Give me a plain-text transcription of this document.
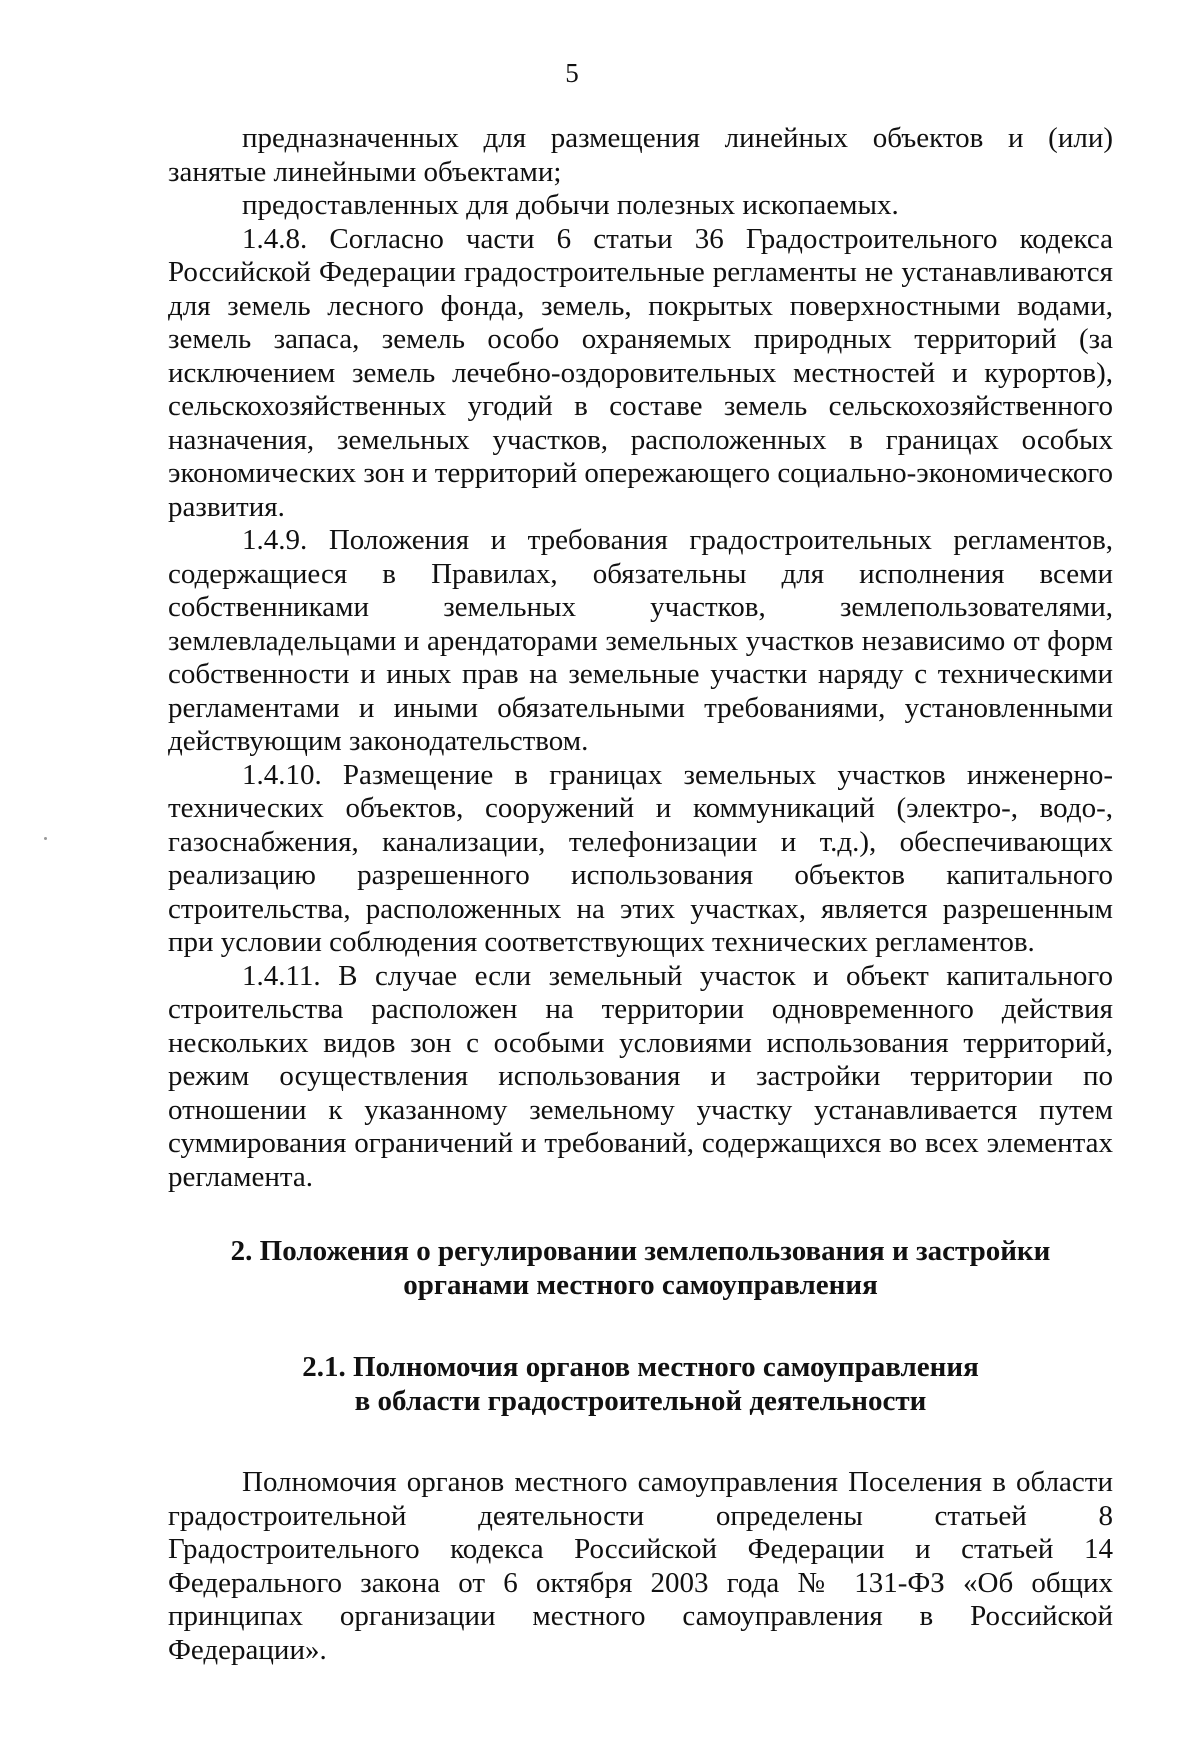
5

предназначенных для размещения линейных объектов и (или) занятые линейными объектами;

предоставленных для добычи полезных ископаемых.

1.4.8. Согласно части 6 статьи 36 Градостроительного кодекса Российской Федерации градостроительные регламенты не устанавливаются для земель лесного фонда, земель, покрытых поверхностными водами, земель запаса, земель особо охраняемых природных территорий (за исключением земель лечебно-оздоровительных местностей и курортов), сельскохозяйственных угодий в составе земель сельскохозяйственного назначения, земельных участков, расположенных в границах особых экономических зон и территорий опережающего социально-экономического развития.

1.4.9. Положения и требования градостроительных регламентов, содержащиеся в Правилах, обязательны для исполнения всеми собственниками земельных участков, землепользователями, землевладельцами и арендаторами земельных участков независимо от форм собственности и иных прав на земельные участки наряду с техническими регламентами и иными обязательными требованиями, установленными действующим законодательством.

1.4.10. Размещение в границах земельных участков инженерно-технических объектов, сооружений и коммуникаций (электро-, водо-, газоснабжения, канализации, телефонизации и т.д.), обеспечивающих реализацию разрешенного использования объектов капитального строительства, расположенных на этих участках, является разрешенным при условии соблюдения соответствующих технических регламентов.

1.4.11. В случае если земельный участок и объект капитального строительства расположен на территории одновременного действия нескольких видов зон с особыми условиями использования территорий, режим осуществления использования и застройки территории по отношении к указанному земельному участку устанавливается путем суммирования ограничений и требований, содержащихся во всех элементах регламента.

2. Положения о регулировании землепользования и застройки
органами местного самоуправления
2.1. Полномочия органов местного самоуправления
в области градостроительной деятельности

Полномочия органов местного самоуправления Поселения в области градостроительной деятельности определены статьей 8 Градостроительного кодекса Российской Федерации и статьей 14 Федерального закона от 6 октября 2003 года № 131-ФЗ «Об общих принципах организации местного самоуправления в Российской Федерации».
